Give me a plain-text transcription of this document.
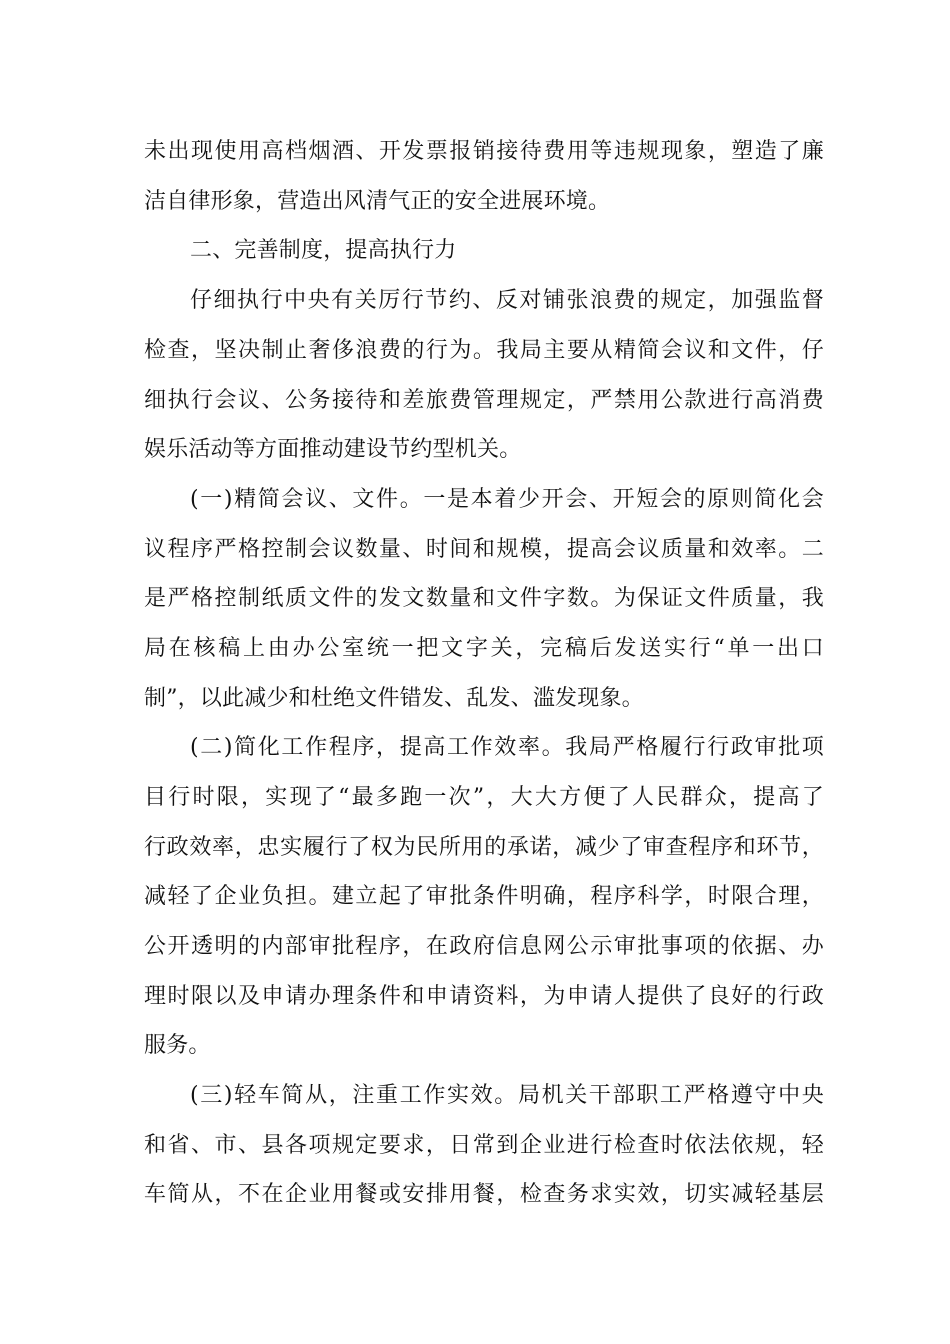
未出现使用高档烟酒、开发票报销接待费用等违规现象，塑造了廉
洁自律形象，营造出风清气正的安全进展环境。
二、完善制度，提高执行力
仔细执行中央有关厉行节约、反对铺张浪费的规定，加强监督
检查，坚决制止奢侈浪费的行为。我局主要从精简会议和文件，仔
细执行会议、公务接待和差旅费管理规定，严禁用公款进行高消费
娱乐活动等方面推动建设节约型机关。
(一)精简会议、文件。一是本着少开会、开短会的原则简化会
议程序严格控制会议数量、时间和规模，提高会议质量和效率。二
是严格控制纸质文件的发文数量和文件字数。为保证文件质量，我
局在核稿上由办公室统一把文字关，完稿后发送实行“单一出口
制”，以此减少和杜绝文件错发、乱发、滥发现象。
(二)简化工作程序，提高工作效率。我局严格履行行政审批项
目行时限，实现了“最多跑一次”，大大方便了人民群众，提高了
行政效率，忠实履行了权为民所用的承诺，减少了审查程序和环节，
减轻了企业负担。建立起了审批条件明确，程序科学，时限合理，
公开透明的内部审批程序，在政府信息网公示审批事项的依据、办
理时限以及申请办理条件和申请资料，为申请人提供了良好的行政
服务。
(三)轻车简从，注重工作实效。局机关干部职工严格遵守中央
和省、市、县各项规定要求，日常到企业进行检查时依法依规，轻
车简从，不在企业用餐或安排用餐，检查务求实效，切实减轻基层
